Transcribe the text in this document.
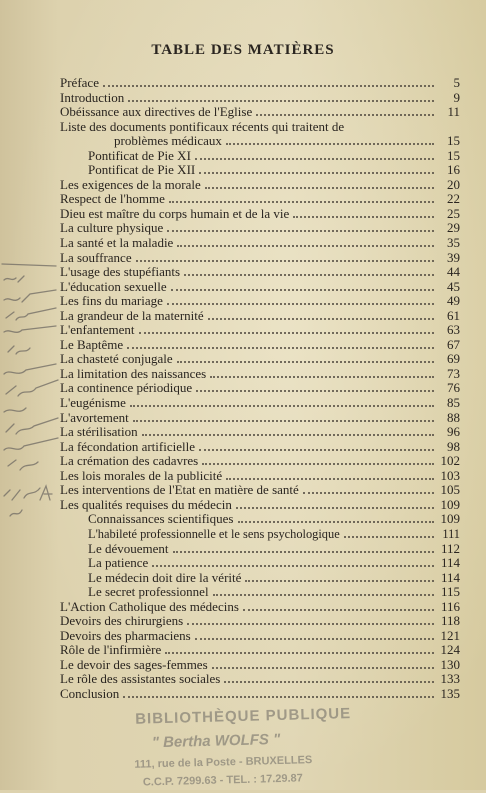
TABLE DES MATIÈRES
Préface	5
Introduction	9
Obéissance aux directives de l'Eglise	11
Liste des documents pontificaux récents qui traitent de
problèmes médicaux	15
Pontificat de Pie XI	15
Pontificat de Pie XII	16
Les exigences de la morale	20
Respect de l'homme	22
Dieu est maître du corps humain et de la vie	25
La culture physique	29
La santé et la maladie	35
La souffrance	39
L'usage des stupéfiants	44
L'éducation sexuelle	45
Les fins du mariage	49
La grandeur de la maternité	61
L'enfantement	63
Le Baptême	67
La chasteté conjugale	69
La limitation des naissances	73
La continence périodique	76
L'eugénisme	85
L'avortement	88
La stérilisation	96
La fécondation artificielle	98
La crémation des cadavres	102
Les lois morales de la publicité	103
Les interventions de l'Etat en matière de santé	105
Les qualités requises du médecin	109
Connaissances scientifiques	109
L'habileté professionnelle et le sens psychologique	111
Le dévouement	112
La patience	114
Le médecin doit dire la vérité	114
Le secret professionnel	115
L'Action Catholique des médecins	116
Devoirs des chirurgiens	118
Devoirs des pharmaciens	121
Rôle de l'infirmière	124
Le devoir des sages-femmes	130
Le rôle des assistantes sociales	133
Conclusion	135
BIBLIOTHÈQUE PUBLIQUE
" Bertha WOLFS "
111, rue de la Poste - BRUXELLES
C.C.P. 7299.63 - TEL. : 17.29.87
